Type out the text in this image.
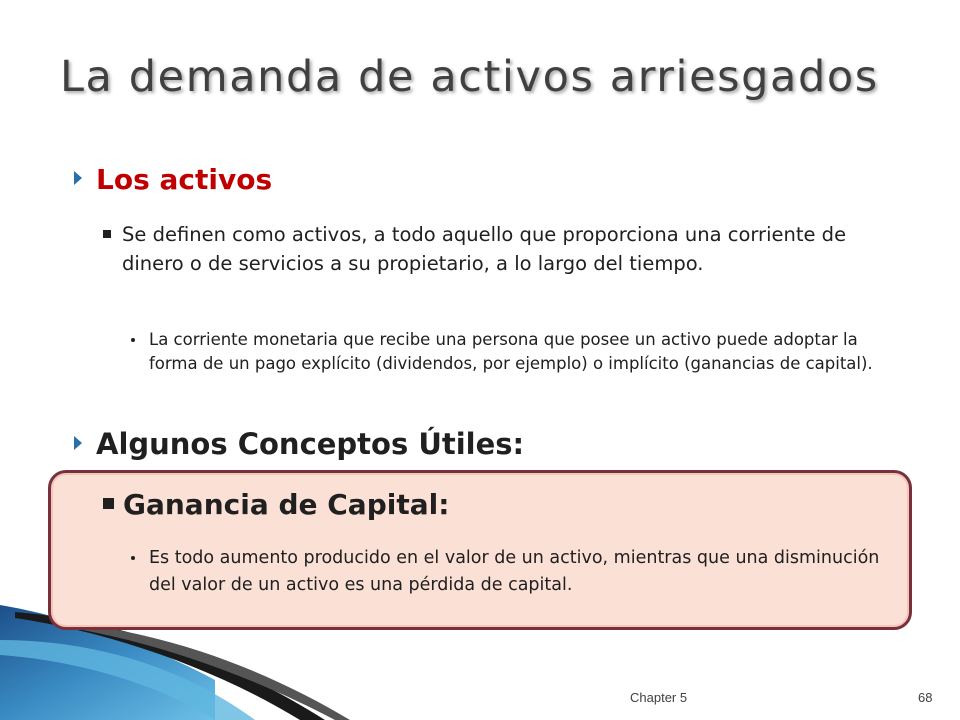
La demanda de activos arriesgados
Los activos
Se definen como activos, a todo aquello que proporciona una corriente de dinero o de servicios a su propietario, a lo largo del tiempo.
La corriente monetaria que recibe una persona que posee un activo puede adoptar la forma de un pago explícito (dividendos, por ejemplo) o implícito (ganancias de capital).
Algunos Conceptos Útiles:
Ganancia de Capital:
Es todo aumento producido en el valor de un activo, mientras que una disminución del valor de un activo es una pérdida de capital.
Chapter 5	68
